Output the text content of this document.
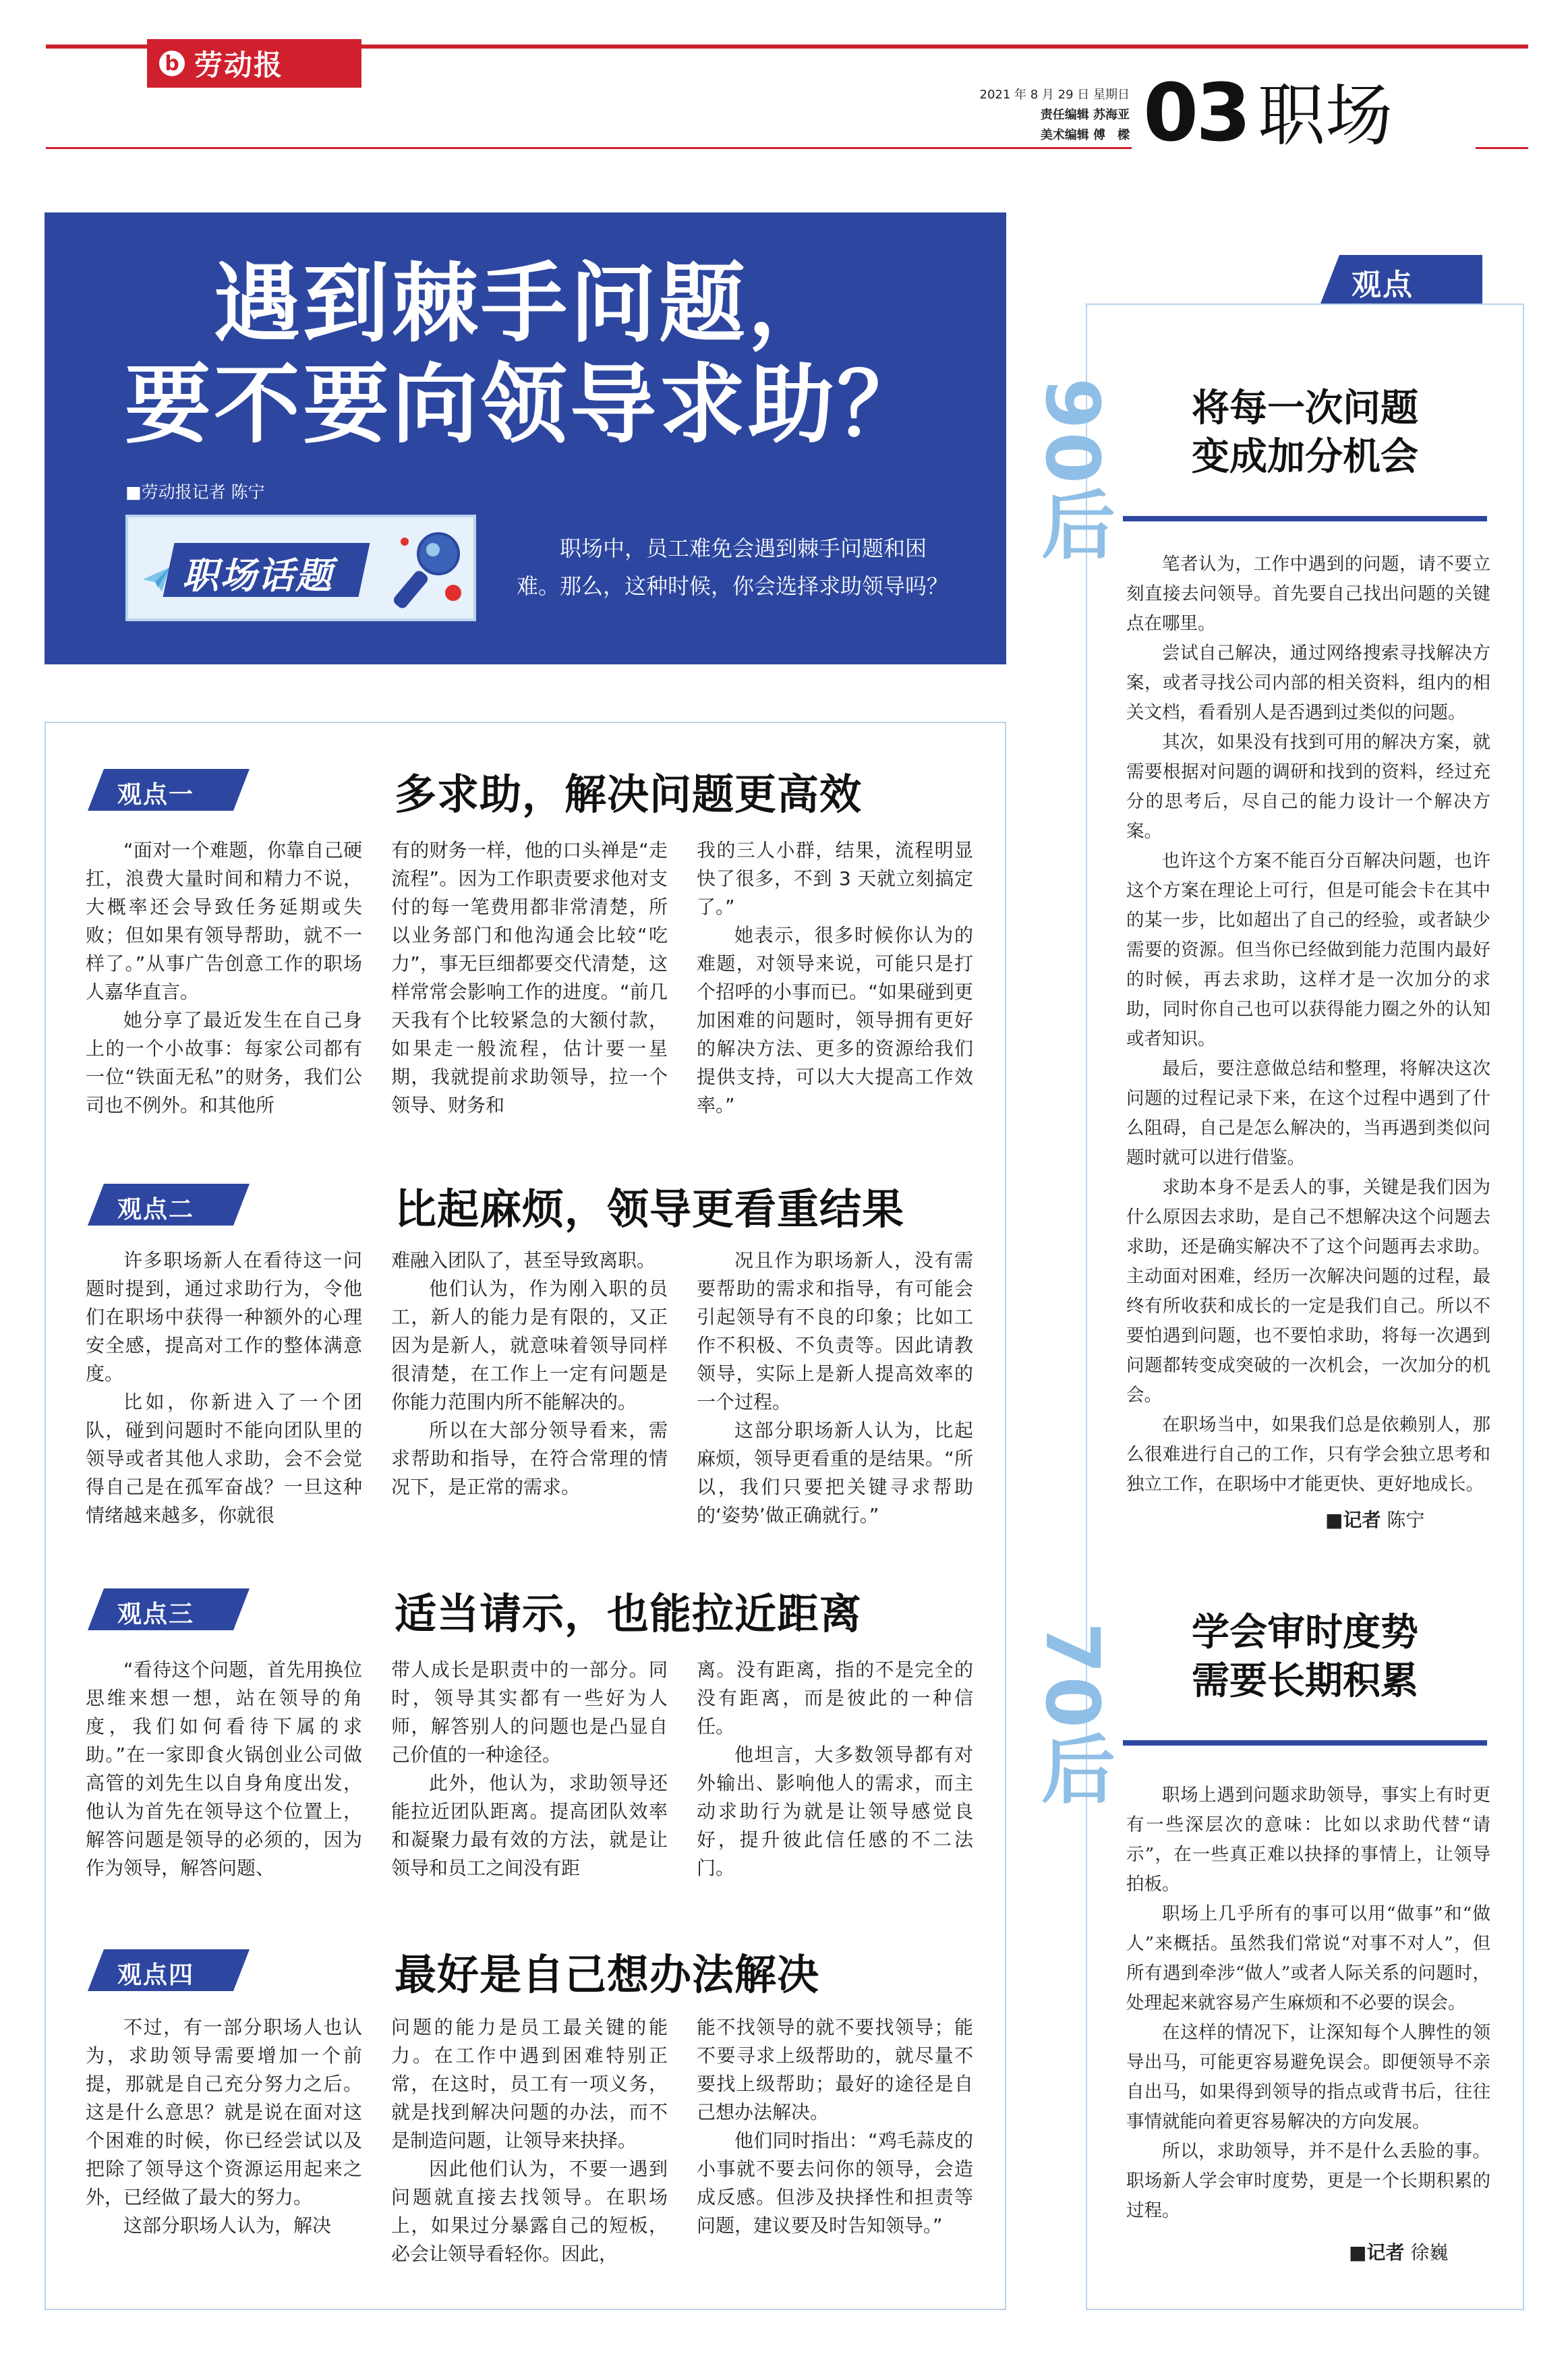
b 劳动报
2021 年 8 月 29 日 星期日
责任编辑 苏海亚
美术编辑 傅　樑 03 职场
遇到棘手问题，
要不要向领导求助？
■劳动报记者 陈宁
职场话题
职场中，员工难免会遇到棘手问题和困难。那么，这种时候，你会选择求助领导吗？
观点一	多求助，解决问题更高效

“面对一个难题，你靠自己硬扛，浪费大量时间和精力不说，大概率还会导致任务延期或失败；但如果有领导帮助，就不一样了。”从事广告创意工作的职场人嘉华直言。

她分享了最近发生在自己身上的一个小故事：每家公司都有一位“铁面无私”的财务，我们公司也不例外。和其他所

有的财务一样，他的口头禅是“走流程”。因为工作职责要求他对支付的每一笔费用都非常清楚，所以业务部门和他沟通会比较“吃力”，事无巨细都要交代清楚，这样常常会影响工作的进度。“前几天我有个比较紧急的大额付款，如果走一般流程，估计要一星期，我就提前求助领导，拉一个领导、财务和

我的三人小群，结果，流程明显快了很多，不到 3 天就立刻搞定了。”

她表示，很多时候你认为的难题，对领导来说，可能只是打个招呼的小事而已。“如果碰到更加困难的问题时，领导拥有更好的解决方法、更多的资源给我们提供支持，可以大大提高工作效率。”

观点二	比起麻烦，领导更看重结果

许多职场新人在看待这一问题时提到，通过求助行为，令他们在职场中获得一种额外的心理安全感，提高对工作的整体满意度。

比如，你新进入了一个团队，碰到问题时不能向团队里的领导或者其他人求助，会不会觉得自己是在孤军奋战？一旦这种情绪越来越多，你就很

难融入团队了，甚至导致离职。

他们认为，作为刚入职的员工，新人的能力是有限的，又正因为是新人，就意味着领导同样很清楚，在工作上一定有问题是你能力范围内所不能解决的。

所以在大部分领导看来，需求帮助和指导，在符合常理的情况下，是正常的需求。

况且作为职场新人，没有需要帮助的需求和指导，有可能会引起领导有不良的印象；比如工作不积极、不负责等。因此请教领导，实际上是新人提高效率的一个过程。

这部分职场新人认为，比起麻烦，领导更看重的是结果。“所以，我们只要把关键寻求帮助的‘姿势’做正确就行。”

观点三	适当请示，也能拉近距离

“看待这个问题，首先用换位思维来想一想，站在领导的角度，我们如何看待下属的求助。”在一家即食火锅创业公司做高管的刘先生以自身角度出发，他认为首先在领导这个位置上，解答问题是领导的必须的，因为作为领导，解答问题、

带人成长是职责中的一部分。同时，领导其实都有一些好为人师，解答别人的问题也是凸显自己价值的一种途径。

此外，他认为，求助领导还能拉近团队距离。提高团队效率和凝聚力最有效的方法，就是让领导和员工之间没有距

离。没有距离，指的不是完全的没有距离，而是彼此的一种信任。

他坦言，大多数领导都有对外输出、影响他人的需求，而主动求助行为就是让领导感觉良好，提升彼此信任感的不二法门。

观点四	最好是自己想办法解决

不过，有一部分职场人也认为，求助领导需要增加一个前提，那就是自己充分努力之后。这是什么意思？就是说在面对这个困难的时候，你已经尝试以及把除了领导这个资源运用起来之外，已经做了最大的努力。

这部分职场人认为，解决

问题的能力是员工最关键的能力。在工作中遇到困难特别正常，在这时，员工有一项义务，就是找到解决问题的办法，而不是制造问题，让领导来抉择。

因此他们认为，不要一遇到问题就直接去找领导。在职场上，如果过分暴露自己的短板，必会让领导看轻你。因此，

能不找领导的就不要找领导；能不要寻求上级帮助的，就尽量不要找上级帮助；最好的途径是自己想办法解决。

他们同时指出：“鸡毛蒜皮的小事就不要去问你的领导，会造成反感。但涉及抉择性和担责等问题，建议要及时告知领导。”

观点
90后	将每一次问题
变成加分机会

笔者认为，工作中遇到的问题，请不要立刻直接去问领导。首先要自己找出问题的关键点在哪里。

尝试自己解决，通过网络搜索寻找解决方案，或者寻找公司内部的相关资料，组内的相关文档，看看别人是否遇到过类似的问题。

其次，如果没有找到可用的解决方案，就需要根据对问题的调研和找到的资料，经过充分的思考后，尽自己的能力设计一个解决方案。

也许这个方案不能百分百解决问题，也许这个方案在理论上可行，但是可能会卡在其中的某一步，比如超出了自己的经验，或者缺少需要的资源。但当你已经做到能力范围内最好的时候，再去求助，这样才是一次加分的求助，同时你自己也可以获得能力圈之外的认知或者知识。

最后，要注意做总结和整理，将解决这次问题的过程记录下来，在这个过程中遇到了什么阻碍，自己是怎么解决的，当再遇到类似问题时就可以进行借鉴。

求助本身不是丢人的事，关键是我们因为什么原因去求助，是自己不想解决这个问题去求助，还是确实解决不了这个问题再去求助。主动面对困难，经历一次解决问题的过程，最终有所收获和成长的一定是我们自己。所以不要怕遇到问题，也不要怕求助，将每一次遇到问题都转变成突破的一次机会，一次加分的机会。

在职场当中，如果我们总是依赖别人，那么很难进行自己的工作，只有学会独立思考和独立工作，在职场中才能更快、更好地成长。

■记者 陈宁
70后	学会审时度势
需要长期积累

职场上遇到问题求助领导，事实上有时更有一些深层次的意味：比如以求助代替“请示”，在一些真正难以抉择的事情上，让领导拍板。

职场上几乎所有的事可以用“做事”和“做人”来概括。虽然我们常说“对事不对人”，但所有遇到牵涉“做人”或者人际关系的问题时，处理起来就容易产生麻烦和不必要的误会。

在这样的情况下，让深知每个人脾性的领导出马，可能更容易避免误会。即便领导不亲自出马，如果得到领导的指点或背书后，往往事情就能向着更容易解决的方向发展。

所以，求助领导，并不是什么丢脸的事。职场新人学会审时度势，更是一个长期积累的过程。

■记者 徐巍
